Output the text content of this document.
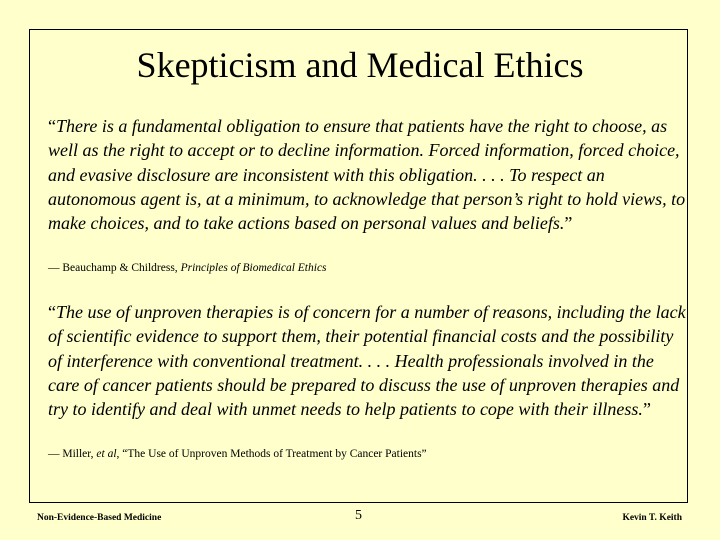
Skepticism and Medical Ethics
“There is a fundamental obligation to ensure that patients have the right to choose, as well as the right to accept or to decline information. Forced information, forced choice, and evasive disclosure are inconsistent with this obligation. . . . To respect an autonomous agent is, at a minimum, to acknowledge that person’s right to hold views, to make choices, and to take actions based on personal values and beliefs.”
— Beauchamp & Childress, Principles of Biomedical Ethics
“The use of unproven therapies is of concern for a number of reasons, including the lack of scientific evidence to support them, their potential financial costs and the possibility of interference with conventional treatment. . . . Health professionals involved in the care of cancer patients should be prepared to discuss the use of unproven therapies and try to identify and deal with unmet needs to help patients to cope with their illness.”
— Miller, et al, “The Use of Unproven Methods of Treatment by Cancer Patients”
Non-Evidence-Based Medicine	5	Kevin T. Keith
